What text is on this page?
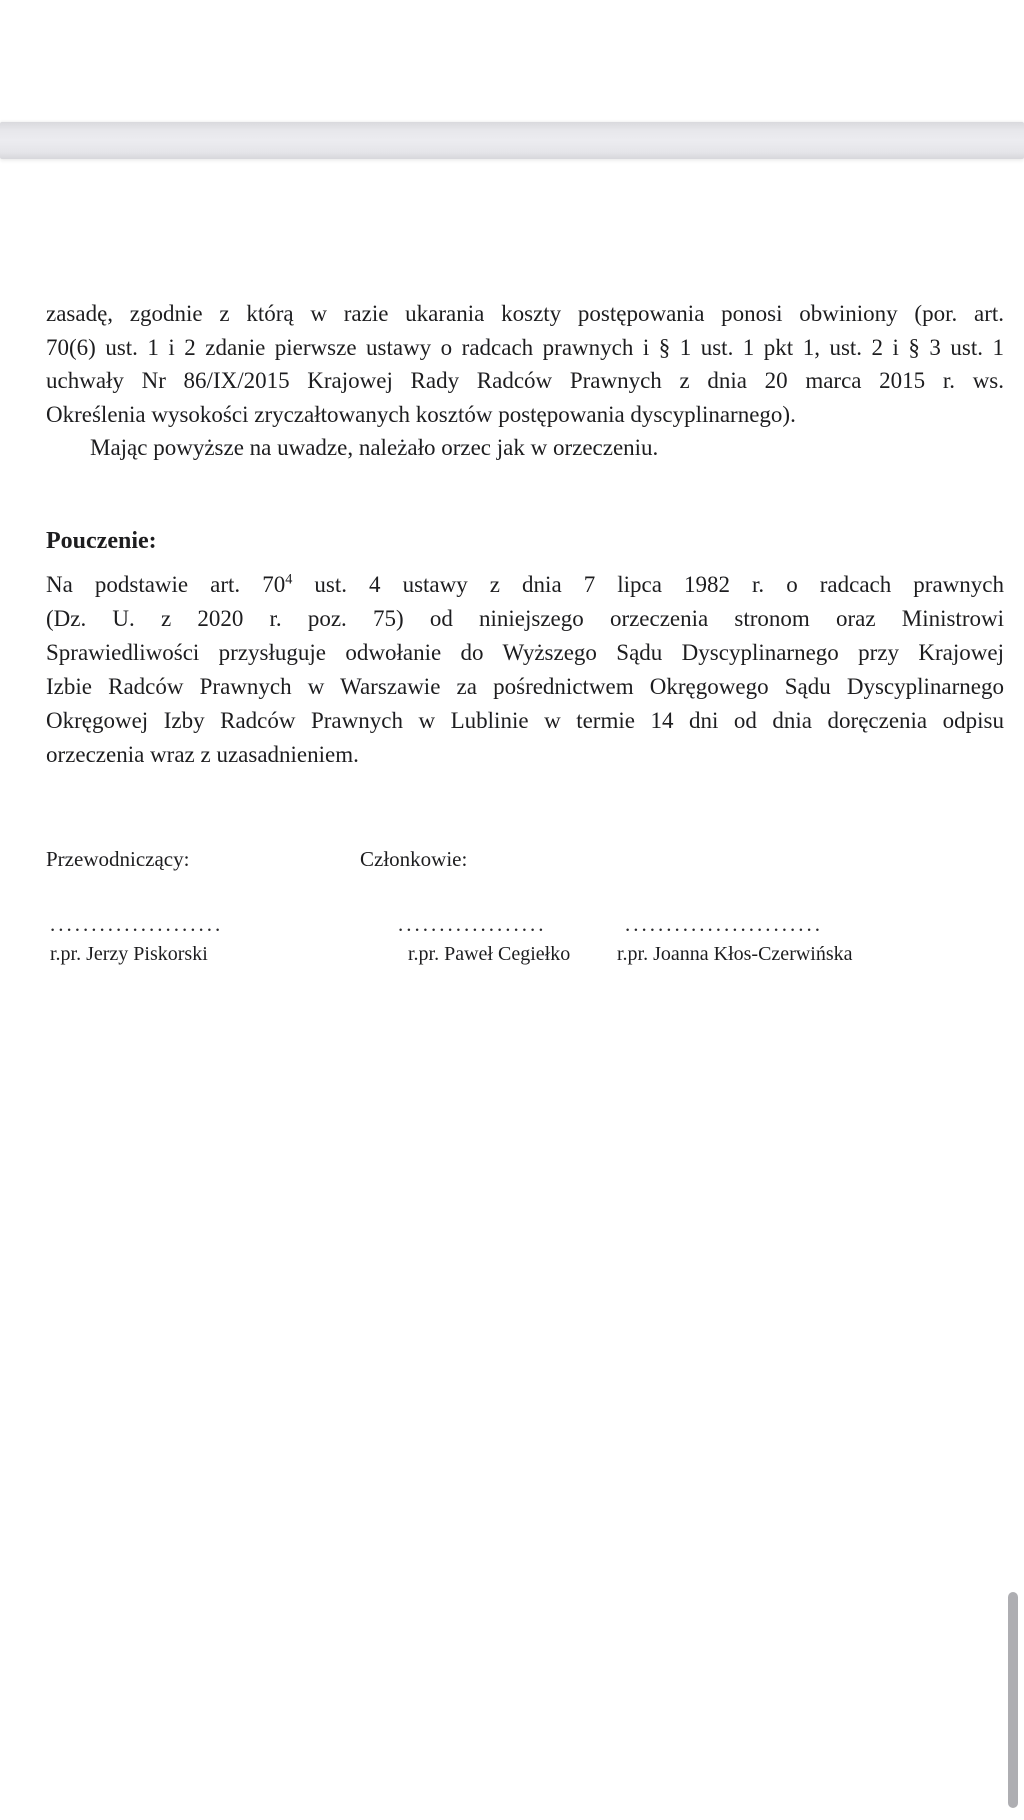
zasadę, zgodnie z którą w razie ukarania koszty postępowania ponosi obwiniony (por. art.
70(6) ust. 1 i 2 zdanie pierwsze ustawy o radcach prawnych i § 1 ust. 1 pkt 1, ust. 2 i § 3 ust. 1
uchwały Nr 86/IX/2015 Krajowej Rady Radców Prawnych z dnia 20 marca 2015 r. ws.
Określenia wysokości zryczałtowanych kosztów postępowania dyscyplinarnego).
Mając powyższe na uwadze, należało orzec jak w orzeczeniu.
Pouczenie:
Na podstawie art. 70$^4$ ust. 4 ustawy z dnia 7 lipca 1982 r. o radcach prawnych
(Dz. U. z 2020 r. poz. 75) od niniejszego orzeczenia stronom oraz Ministrowi
Sprawiedliwości przysługuje odwołanie do Wyższego Sądu Dyscyplinarnego przy Krajowej
Izbie Radców Prawnych w Warszawie za pośrednictwem Okręgowego Sądu Dyscyplinarnego
Okręgowej Izby Radców Prawnych w Lublinie w termie 14 dni od dnia doręczenia odpisu
orzeczenia wraz z uzasadnieniem.
Przewodniczący:	Członkowie:
.....................	..................	........................
r.pr. Jerzy Piskorski	r.pr. Paweł Cegiełko r.pr. Joanna Kłos-Czerwińska
